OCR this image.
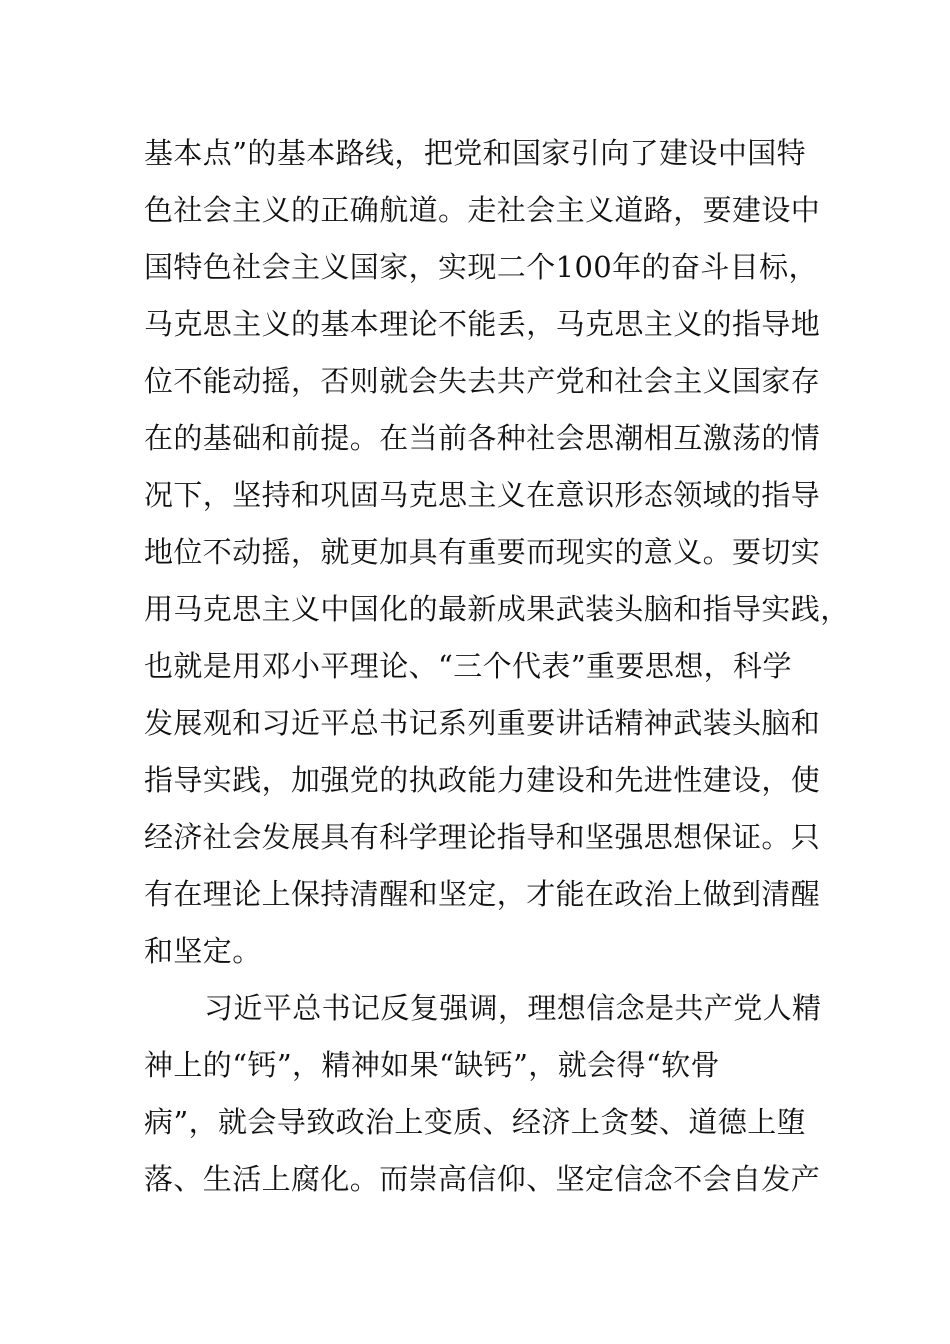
基本点”的基本路线，把党和国家引向了建设中国特
色社会主义的正确航道。走社会主义道路，要建设中
国特色社会主义国家，实现二个100年的奋斗目标，
马克思主义的基本理论不能丢，马克思主义的指导地
位不能动摇，否则就会失去共产党和社会主义国家存
在的基础和前提。在当前各种社会思潮相互激荡的情
况下，坚持和巩固马克思主义在意识形态领域的指导
地位不动摇，就更加具有重要而现实的意义。要切实
用马克思主义中国化的最新成果武装头脑和指导实践，
也就是用邓小平理论、“三个代表”重要思想，科学
发展观和习近平总书记系列重要讲话精神武装头脑和
指导实践，加强党的执政能力建设和先进性建设，使
经济社会发展具有科学理论指导和坚强思想保证。只
有在理论上保持清醒和坚定，才能在政治上做到清醒
和坚定。
习近平总书记反复强调，理想信念是共产党人精
神上的“钙”，精神如果“缺钙”，就会得“软骨
病”，就会导致政治上变质、经济上贪婪、道德上堕
落、生活上腐化。而崇高信仰、坚定信念不会自发产
